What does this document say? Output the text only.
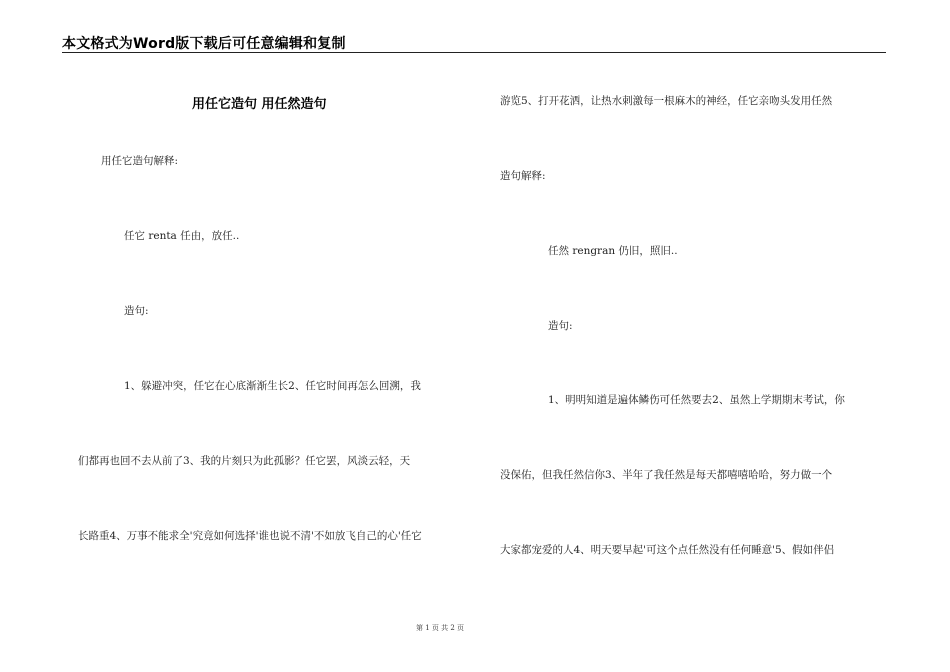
本文格式为Word版下载后可任意编辑和复制
用任它造句 用任然造句
用任它造句解释:
任它 renta 任由，放任..
造句:
1、躲避冲突，任它在心底渐渐生长2、任它时间再怎么回溯，我
们都再也回不去从前了3、我的片刻只为此孤影？任它罢，风淡云轻，天
长路重4、万事不能求全'究竟如何选择'谁也说不清'不如放飞自己的心'任它
游览5、打开花洒，让热水刺激每一根麻木的神经，任它亲吻头发用任然
造句解释:
任然 rengran 仍旧，照旧..
造句:
1、明明知道是遍体鳞伤可任然要去2、虽然上学期期末考试，你
没保佑，但我任然信你3、半年了我任然是每天都嘻嘻哈哈，努力做一个
大家都宠爱的人4、明天要早起'可这个点任然没有任何睡意'5、假如伴侣
第 1 页 共 2 页
